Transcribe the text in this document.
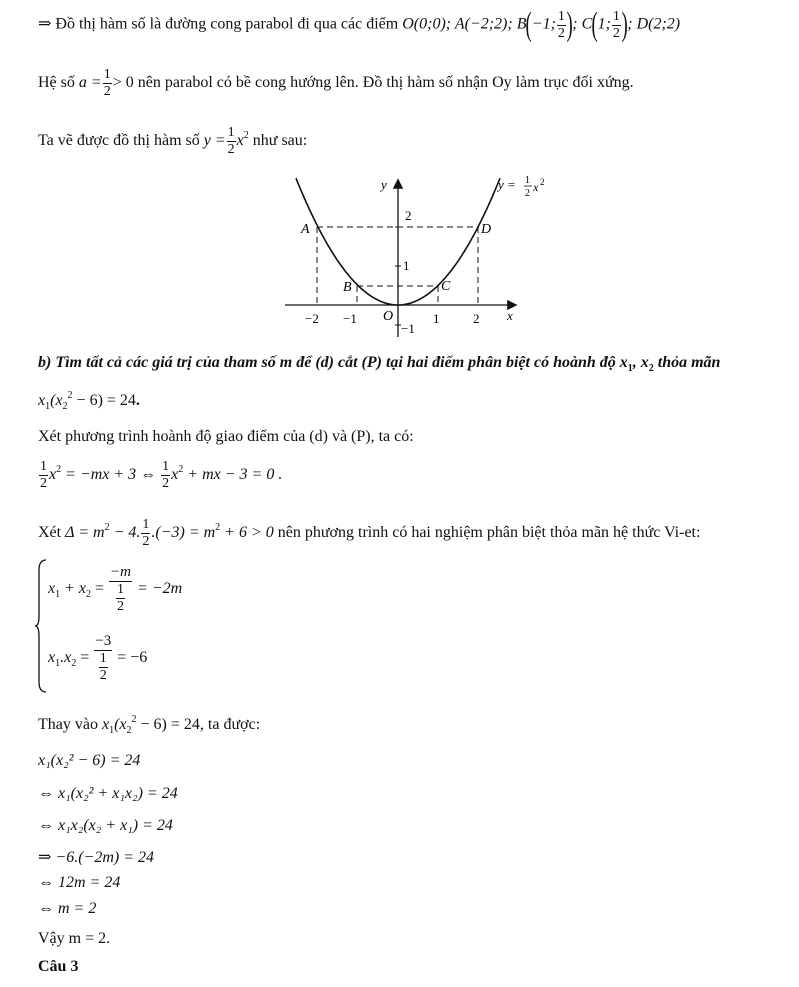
⇒ Đồ thị hàm số là đường cong parabol đi qua các điểm O(0;0); A(−2;2); B(−1; $\frac{1}{2}$ ); C(1; $\frac{1}{2}$ ); D(2;2)
Hệ số $a = \frac{1}{2} > 0$ nên parabol có bề cong hướng lên. Đồ thị hàm số nhận Oy làm trục đối xứng.
Ta vẽ được đồ thị hàm số $y = \frac{1}{2} x^2$ như sau:
y
x
A
B	C
D
O
−2 −1	1	2
2
1
−1
y = 1
2 x 2
b) Tìm tất cả các giá trị của tham số m để (d) cắt (P) tại hai điểm phân biệt có hoành độ $x_1$, $x_2$ thỏa mãn
$x_1(x_2^2 - 6) = 24$.
Xét phương trình hoành độ giao điểm của (d) và (P), ta có:
$\frac{1}{2} x^2 = -mx + 3$ ⇔ $\frac{1}{2} x^2$ + mx − 3 = 0 .
Xét $\Delta = m^2 - 4$. $\frac{1}{2} .(-3) = m^2 + 6 > 0$ nên phương trình có hai nghiệm phân biệt thỏa mãn hệ thức Vi-et:
$x_1 + x_2 = \frac{-m}{\frac{1}{2}} = -2m$
$x_1.x_2 = \frac{-3}{\frac{1}{2}} = -6$
Thay vào $x_1(x_2^2 - 6) = 24$, ta được:
x₁(x₂² − 6) = 24
⇔ x₁(x₂² + x₁x₂) = 24
⇔ x₁x₂(x₂ + x₁) = 24
⇒ −6.(−2m) = 24
⇔ 12m = 24
⇔ m = 2
Vậy m = 2.
Câu 3
